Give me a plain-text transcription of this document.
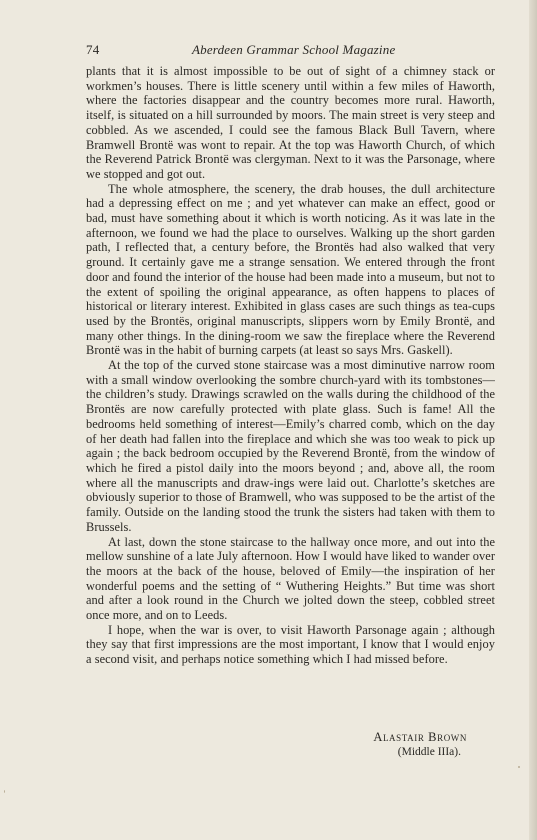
74	Aberdeen Grammar School Magazine

plants that it is almost impossible to be out of sight of a chimney stack or workmen’s houses. There is little scenery until within a few miles of Haworth, where the factories disappear and the country becomes more rural. Haworth, itself, is situated on a hill surrounded by moors. The main street is very steep and cobbled. As we ascended, I could see the famous Black Bull Tavern, where Bramwell Brontë was wont to repair. At the top was Haworth Church, of which the Reverend Patrick Brontë was clergyman. Next to it was the Parsonage, where we stopped and got out.

The whole atmosphere, the scenery, the drab houses, the dull architecture had a depressing effect on me ; and yet whatever can make an effect, good or bad, must have something about it which is worth noticing. As it was late in the afternoon, we found we had the place to ourselves. Walking up the short garden path, I reflected that, a century before, the Brontës had also walked that very ground. It certainly gave me a strange sensation. We entered through the front door and found the interior of the house had been made into a museum, but not to the extent of spoiling the original appearance, as often happens to places of historical or literary interest. Exhibited in glass cases are such things as tea-cups used by the Brontës, original manuscripts, slippers worn by Emily Brontë, and many other things. In the dining-room we saw the fireplace where the Reverend Brontë was in the habit of burning carpets (at least so says Mrs. Gaskell).

At the top of the curved stone staircase was a most diminutive narrow room with a small window overlooking the sombre church-yard with its tombstones—the children’s study. Drawings scrawled on the walls during the childhood of the Brontës are now carefully protected with plate glass. Such is fame! All the bedrooms held something of interest—Emily’s charred comb, which on the day of her death had fallen into the fireplace and which she was too weak to pick up again ; the back bedroom occupied by the Reverend Brontë, from the window of which he fired a pistol daily into the moors beyond ; and, above all, the room where all the manuscripts and draw-ings were laid out. Charlotte’s sketches are obviously superior to those of Bramwell, who was supposed to be the artist of the family. Outside on the landing stood the trunk the sisters had taken with them to Brussels.

At last, down the stone staircase to the hallway once more, and out into the mellow sunshine of a late July afternoon. How I would have liked to wander over the moors at the back of the house, beloved of Emily—the inspiration of her wonderful poems and the setting of “ Wuthering Heights.” But time was short and after a look round in the Church we jolted down the steep, cobbled street once more, and on to Leeds.

I hope, when the war is over, to visit Haworth Parsonage again ; although they say that first impressions are the most important, I know that I would enjoy a second visit, and perhaps notice something which I had missed before.

Alastair Brown
(Middle IIIa).
